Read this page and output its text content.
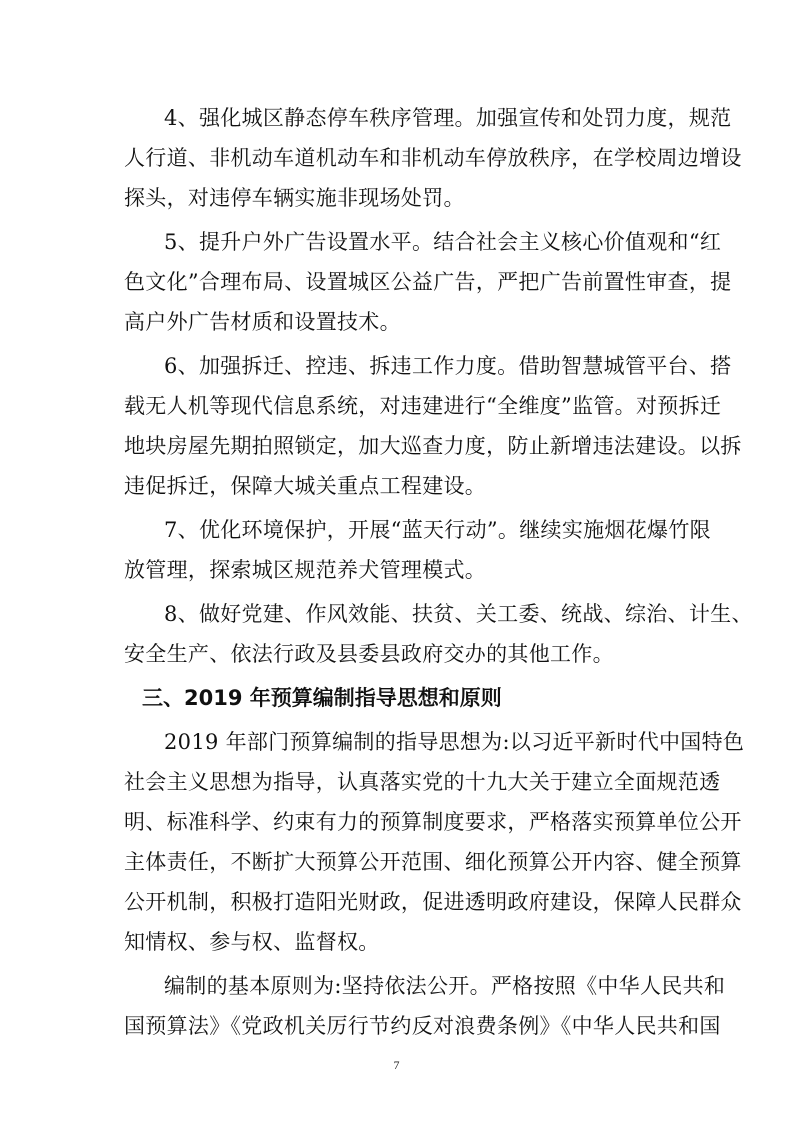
4、强化城区静态停车秩序管理。加强宣传和处罚力度，规范
人行道、非机动车道机动车和非机动车停放秩序，在学校周边增设
探头，对违停车辆实施非现场处罚。
5、提升户外广告设置水平。结合社会主义核心价值观和“红
色文化”合理布局、设置城区公益广告，严把广告前置性审查，提
高户外广告材质和设置技术。
6、加强拆迁、控违、拆违工作力度。借助智慧城管平台、搭
载无人机等现代信息系统，对违建进行“全维度”监管。对预拆迁
地块房屋先期拍照锁定，加大巡查力度，防止新增违法建设。以拆
违促拆迁，保障大城关重点工程建设。
7、优化环境保护，开展“蓝天行动”。继续实施烟花爆竹限
放管理，探索城区规范养犬管理模式。
8、做好党建、作风效能、扶贫、关工委、统战、综治、计生、
安全生产、依法行政及县委县政府交办的其他工作。
三、2019 年预算编制指导思想和原则
2019 年部门预算编制的指导思想为:以习近平新时代中国特色
社会主义思想为指导，认真落实党的十九大关于建立全面规范透
明、标准科学、约束有力的预算制度要求，严格落实预算单位公开
主体责任，不断扩大预算公开范围、细化预算公开内容、健全预算
公开机制，积极打造阳光财政，促进透明政府建设，保障人民群众
知情权、参与权、监督权。
编制的基本原则为:坚持依法公开。严格按照《中华人民共和
国预算法》《党政机关厉行节约反对浪费条例》《中华人民共和国
7
